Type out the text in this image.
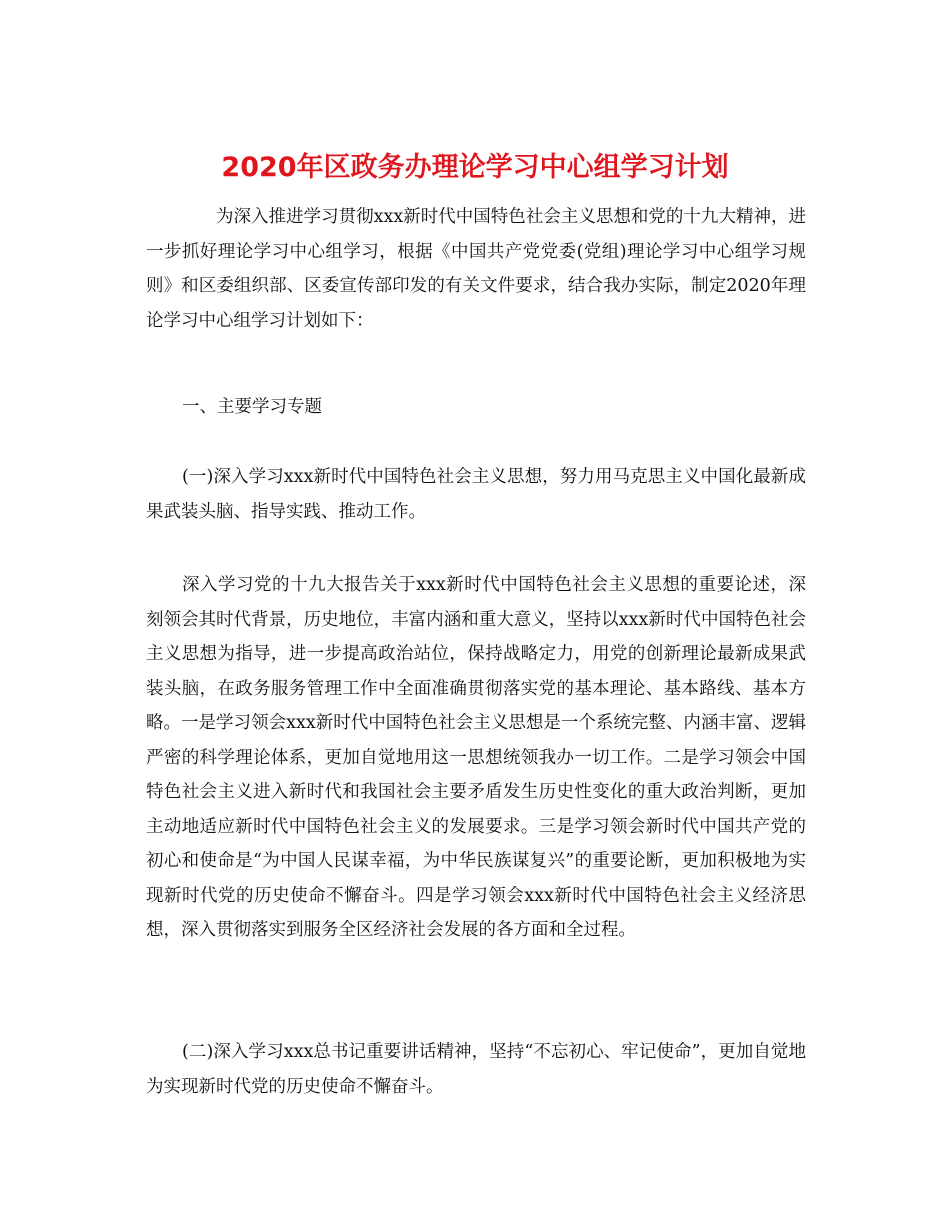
2020年区政务办理论学习中心组学习计划

为深入推进学习贯彻xxx新时代中国特色社会主义思想和党的十九大精神，进一步抓好理论学习中心组学习，根据《中国共产党党委(党组)理论学习中心组学习规则》和区委组织部、区委宣传部印发的有关文件要求，结合我办实际，制定2020年理论学习中心组学习计划如下：

一、主要学习专题

(一)深入学习xxx新时代中国特色社会主义思想，努力用马克思主义中国化最新成果武装头脑、指导实践、推动工作。

深入学习党的十九大报告关于xxx新时代中国特色社会主义思想的重要论述，深刻领会其时代背景，历史地位，丰富内涵和重大意义，坚持以xxx新时代中国特色社会主义思想为指导，进一步提高政治站位，保持战略定力，用党的创新理论最新成果武装头脑，在政务服务管理工作中全面准确贯彻落实党的基本理论、基本路线、基本方略。一是学习领会xxx新时代中国特色社会主义思想是一个系统完整、内涵丰富、逻辑严密的科学理论体系，更加自觉地用这一思想统领我办一切工作。二是学习领会中国特色社会主义进入新时代和我国社会主要矛盾发生历史性变化的重大政治判断，更加主动地适应新时代中国特色社会主义的发展要求。三是学习领会新时代中国共产党的初心和使命是“为中国人民谋幸福，为中华民族谋复兴”的重要论断，更加积极地为实现新时代党的历史使命不懈奋斗。四是学习领会xxx新时代中国特色社会主义经济思想，深入贯彻落实到服务全区经济社会发展的各方面和全过程。

(二)深入学习xxx总书记重要讲话精神，坚持“不忘初心、牢记使命”，更加自觉地为实现新时代党的历史使命不懈奋斗。
